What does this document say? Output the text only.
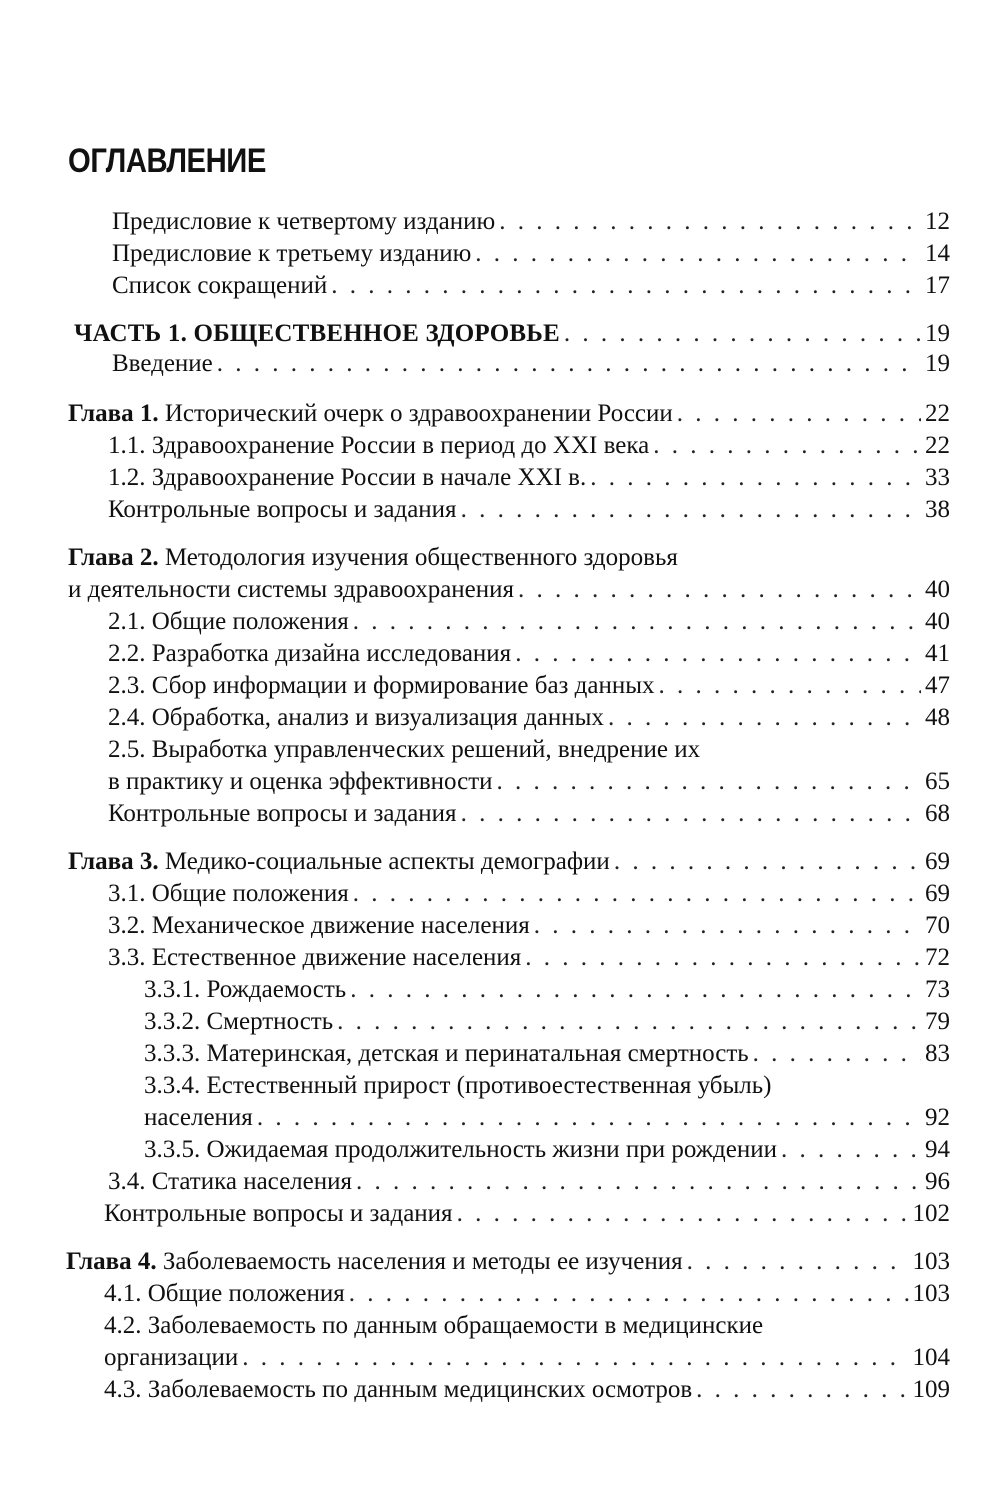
ОГЛАВЛЕНИЕ
Предисловие к четвертому изданию . . .	12
Предисловие к третьему изданию . . .	14
Список сокращений . . .	17
ЧАСТЬ 1. ОБЩЕСТВЕННОЕ ЗДОРОВЬЕ . . .	19
Введение . . .	19
Глава 1. Исторический очерк о здравоохранении России . . .	22
1.1. Здравоохранение России в период до XXI века . . .	22
1.2. Здравоохранение России в начале XXI в. . . .	33
Контрольные вопросы и задания . . .	38
Глава 2. Методология изучения общественного здоровья
и деятельности системы здравоохранения . . .	40
2.1. Общие положения . . .	40
2.2. Разработка дизайна исследования . . .	41
2.3. Сбор информации и формирование баз данных . . .	47
2.4. Обработка, анализ и визуализация данных . . .	48
2.5. Выработка управленческих решений, внедрение их
в практику и оценка эффективности . . .	65
Контрольные вопросы и задания . . .	68
Глава 3. Медико-социальные аспекты демографии . . .	69
3.1. Общие положения . . .	69
3.2. Механическое движение населения . . .	70
3.3. Естественное движение населения . . .	72
3.3.1. Рождаемость . . .	73
3.3.2. Смертность . . .	79
3.3.3. Материнская, детская и перинатальная смертность . . .	83
3.3.4. Естественный прирост (противоестественная убыль)
населения . . .	92
3.3.5. Ожидаемая продолжительность жизни при рождении . . .	94
3.4. Статика населения . . .	96
Контрольные вопросы и задания . . .	102
Глава 4. Заболеваемость населения и методы ее изучения . . .	103
4.1. Общие положения . . .	103
4.2. Заболеваемость по данным обращаемости в медицинские
организации . . .	104
4.3. Заболеваемость по данным медицинских осмотров . . .	109
